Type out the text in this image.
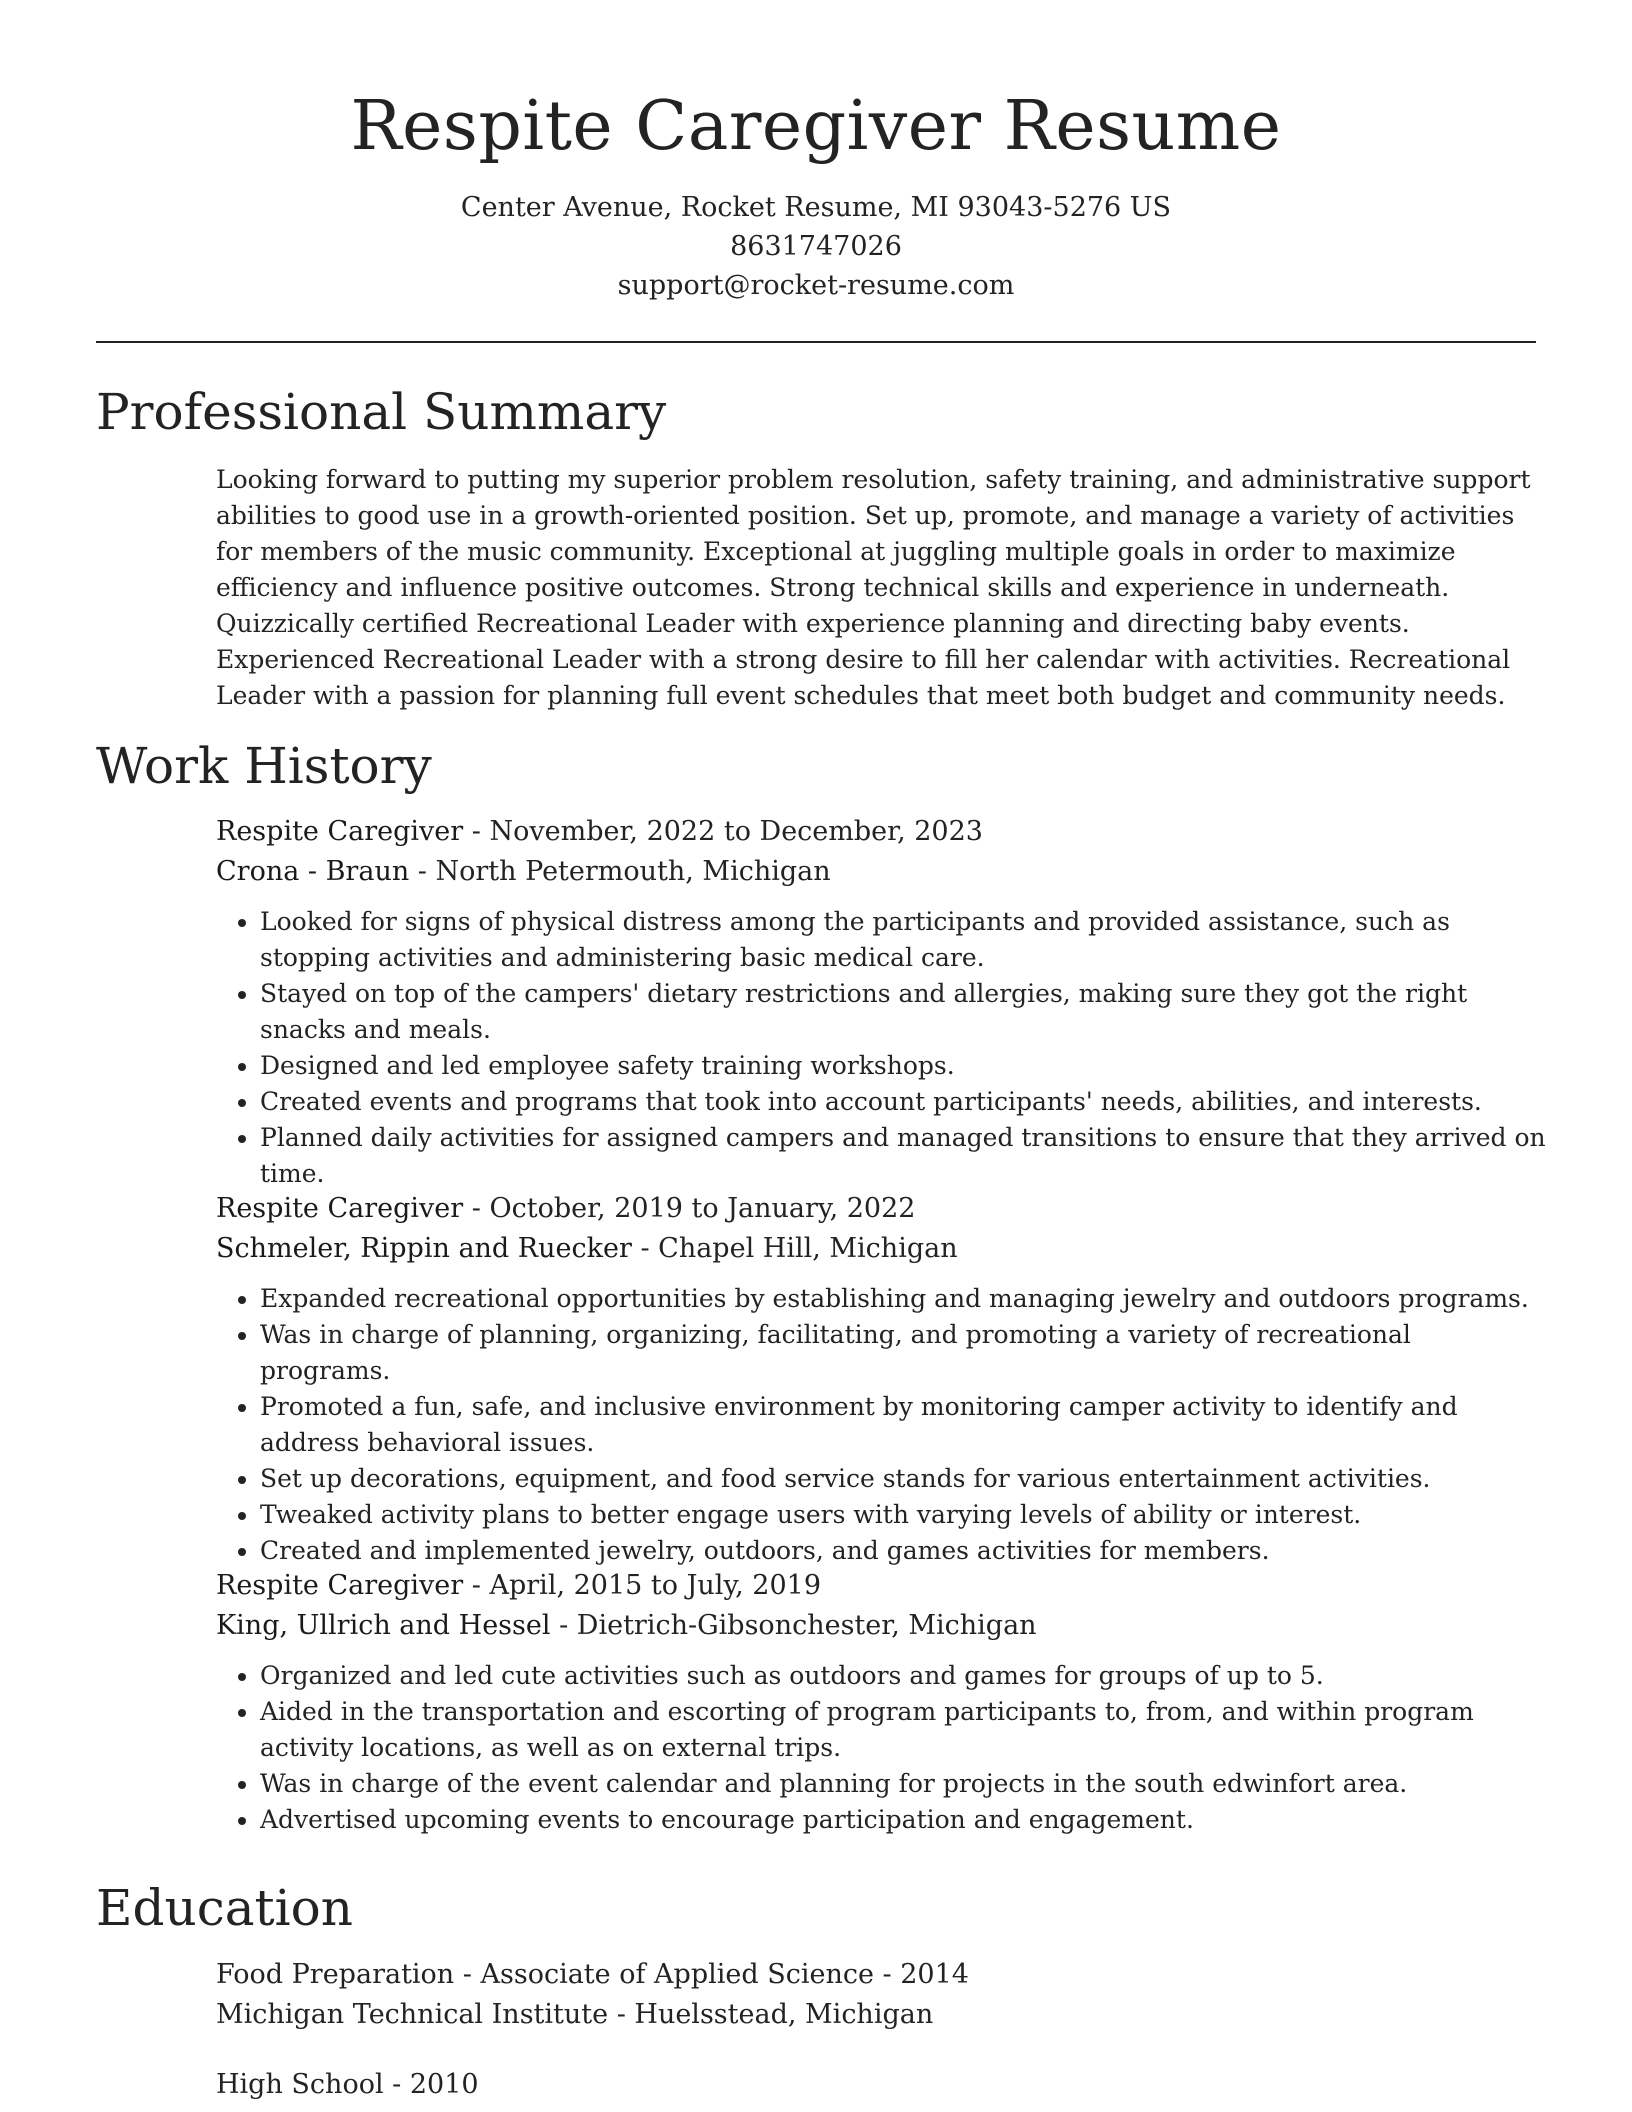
Respite Caregiver Resume
Center Avenue, Rocket Resume, MI 93043-5276 US
8631747026
support@rocket-resume.com
Professional Summary
Looking forward to putting my superior problem resolution, safety training, and administrative support abilities to good use in a growth-oriented position. Set up, promote, and manage a variety of activities for members of the music community. Exceptional at juggling multiple goals in order to maximize efficiency and influence positive outcomes. Strong technical skills and experience in underneath. Quizzically certified Recreational Leader with experience planning and directing baby events. Experienced Recreational Leader with a strong desire to fill her calendar with activities. Recreational Leader with a passion for planning full event schedules that meet both budget and community needs.
Work History
Respite Caregiver - November, 2022 to December, 2023
Crona - Braun - North Petermouth, Michigan
• Looked for signs of physical distress among the participants and provided assistance, such as stopping activities and administering basic medical care.
• Stayed on top of the campers' dietary restrictions and allergies, making sure they got the right snacks and meals.
• Designed and led employee safety training workshops.
• Created events and programs that took into account participants' needs, abilities, and interests.
• Planned daily activities for assigned campers and managed transitions to ensure that they arrived on time.
Respite Caregiver - October, 2019 to January, 2022
Schmeler, Rippin and Ruecker - Chapel Hill, Michigan
• Expanded recreational opportunities by establishing and managing jewelry and outdoors programs.
• Was in charge of planning, organizing, facilitating, and promoting a variety of recreational programs.
• Promoted a fun, safe, and inclusive environment by monitoring camper activity to identify and address behavioral issues.
• Set up decorations, equipment, and food service stands for various entertainment activities.
• Tweaked activity plans to better engage users with varying levels of ability or interest.
• Created and implemented jewelry, outdoors, and games activities for members.
Respite Caregiver - April, 2015 to July, 2019
King, Ullrich and Hessel - Dietrich-Gibsonchester, Michigan
• Organized and led cute activities such as outdoors and games for groups of up to 5.
• Aided in the transportation and escorting of program participants to, from, and within program activity locations, as well as on external trips.
• Was in charge of the event calendar and planning for projects in the south edwinfort area.
• Advertised upcoming events to encourage participation and engagement.
Education
Food Preparation - Associate of Applied Science - 2014
Michigan Technical Institute - Huelsstead, Michigan
High School - 2010
